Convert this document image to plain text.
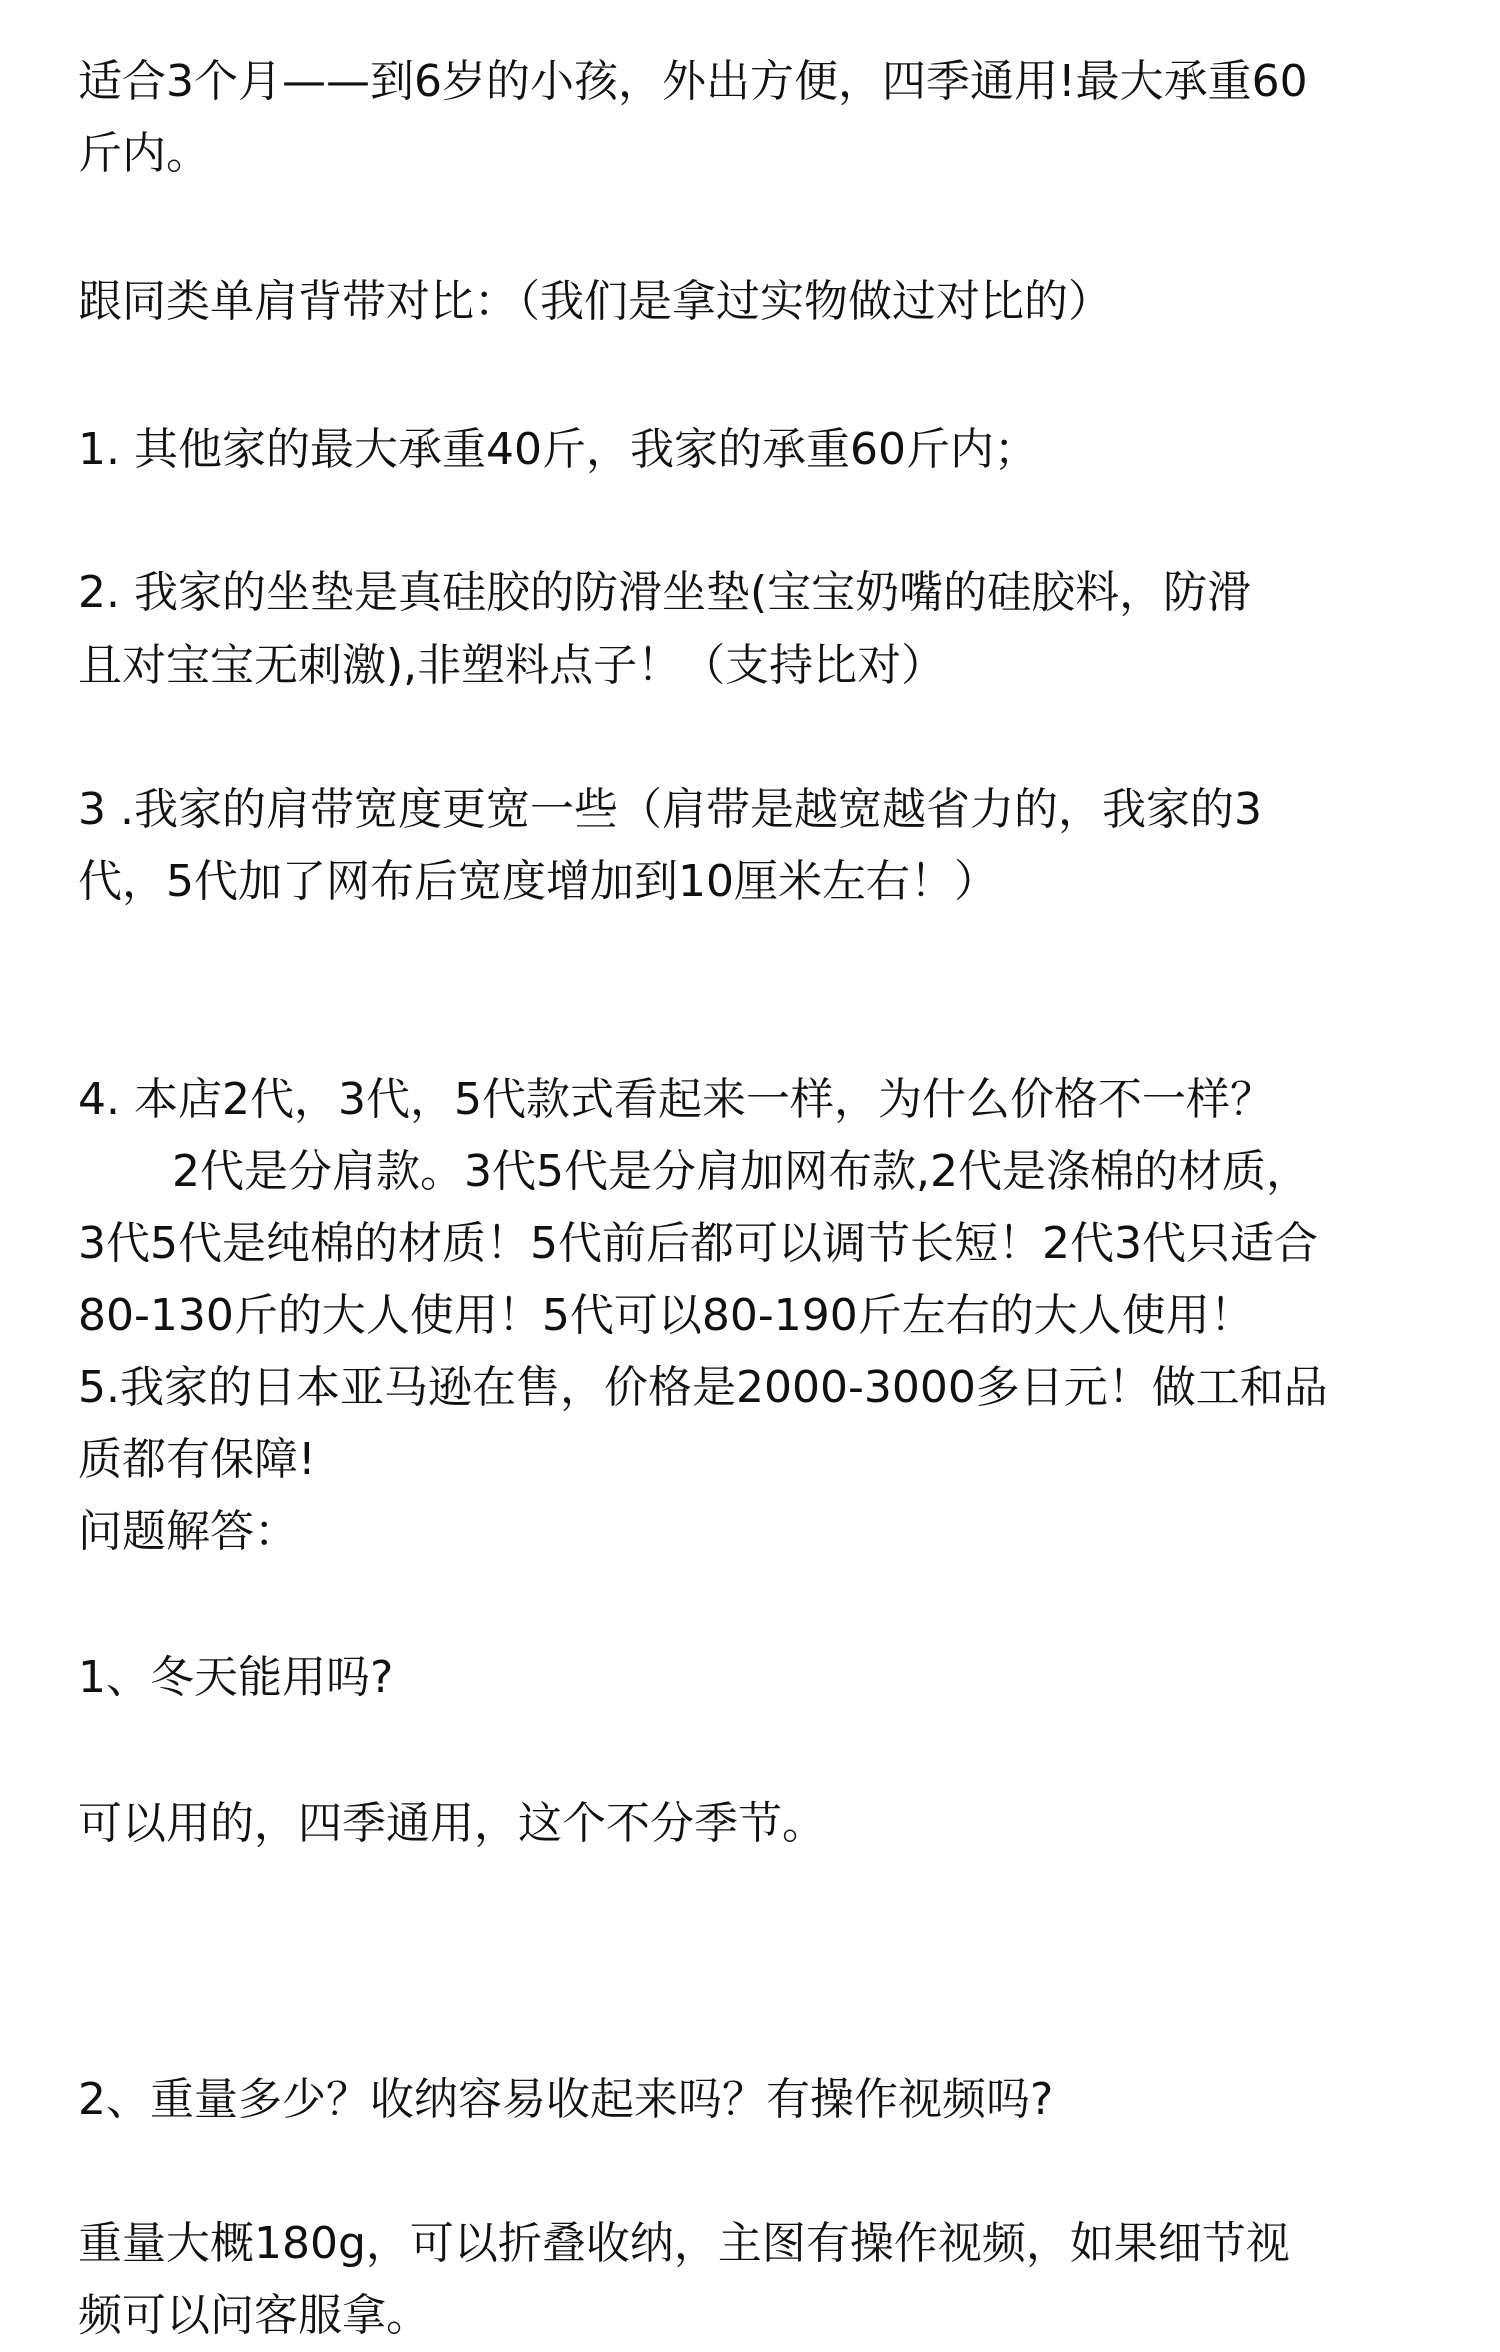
适合3个月——到6岁的小孩，外出方便，四季通用!最大承重60
斤内。
跟同类单肩背带对比：（我们是拿过实物做过对比的）
1. 其他家的最大承重40斤，我家的承重60斤内；
2. 我家的坐垫是真硅胶的防滑坐垫(宝宝奶嘴的硅胶料，防滑
且对宝宝无刺激),非塑料点子！（支持比对）
3 .我家的肩带宽度更宽一些（肩带是越宽越省力的，我家的3
代，5代加了网布后宽度增加到10厘米左右！）
4. 本店2代，3代，5代款式看起来一样，为什么价格不一样？
2代是分肩款。3代5代是分肩加网布款,2代是涤棉的材质，
3代5代是纯棉的材质！5代前后都可以调节长短！2代3代只适合
80-130斤的大人使用！5代可以80-190斤左右的大人使用！
5.我家的日本亚马逊在售，价格是2000-3000多日元！做工和品
质都有保障!
问题解答：
1、冬天能用吗?
可以用的，四季通用，这个不分季节。
2、重量多少？收纳容易收起来吗？有操作视频吗?
重量大概180g，可以折叠收纳，主图有操作视频，如果细节视
频可以问客服拿。
